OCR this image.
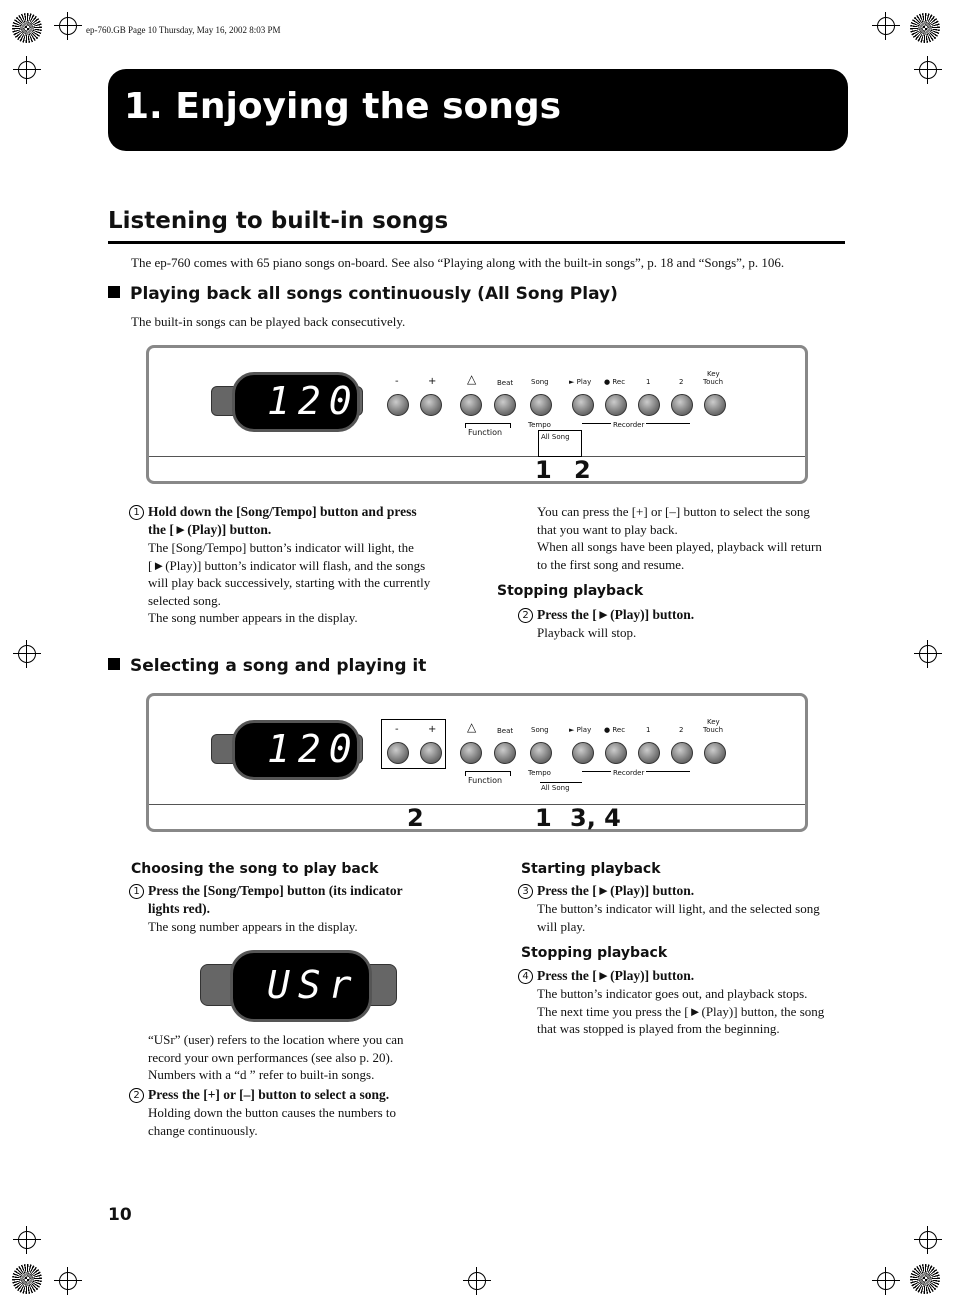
ep-760.GB Page 10 Thursday, May 16, 2002 8:03 PM
1. Enjoying the songs
Listening to built-in songs
The ep-760 comes with 65 piano songs on-board. See also “Playing along with the built-in songs”, p. 18 and “Songs”, p. 106.
Playing back all songs continuously (All Song Play)
The built-in songs can be played back consecutively.
120	-	+	△	Beat	Song	► Play ● Rec	1	2
Key
Touch
Function
Tempo
All Song
Recorder
1 2
1 Hold down the [Song/Tempo] button and press
the [►(Play)] button.
The [Song/Tempo] button’s indicator will light, the
[►(Play)] button’s indicator will flash, and the songs
will play back successively, starting with the currently
selected song.
The song number appears in the display.
You can press the [+] or [–] button to select the song
that you want to play back.
When all songs have been played, playback will return
to the first song and resume.
Stopping playback
2 Press the [►(Play)] button.
Playback will stop.
Selecting a song and playing it
120	-	+	△	Beat	Song	► Play ● Rec	1	2
Key
Touch
Function
Tempo
All Song
Recorder
2	1 3, 4
Choosing the song to play back
1 Press the [Song/Tempo] button (its indicator
lights red).
The song number appears in the display.
USr
“USr” (user) refers to the location where you can
record your own performances (see also p. 20).
Numbers with a “d ” refer to built-in songs.
2 Press the [+] or [–] button to select a song.
Holding down the button causes the numbers to
change continuously.
Starting playback
3 Press the [►(Play)] button.
The button’s indicator will light, and the selected song
will play.
Stopping playback
4 Press the [►(Play)] button.
The button’s indicator goes out, and playback stops.
The next time you press the [►(Play)] button, the song
that was stopped is played from the beginning.
10
